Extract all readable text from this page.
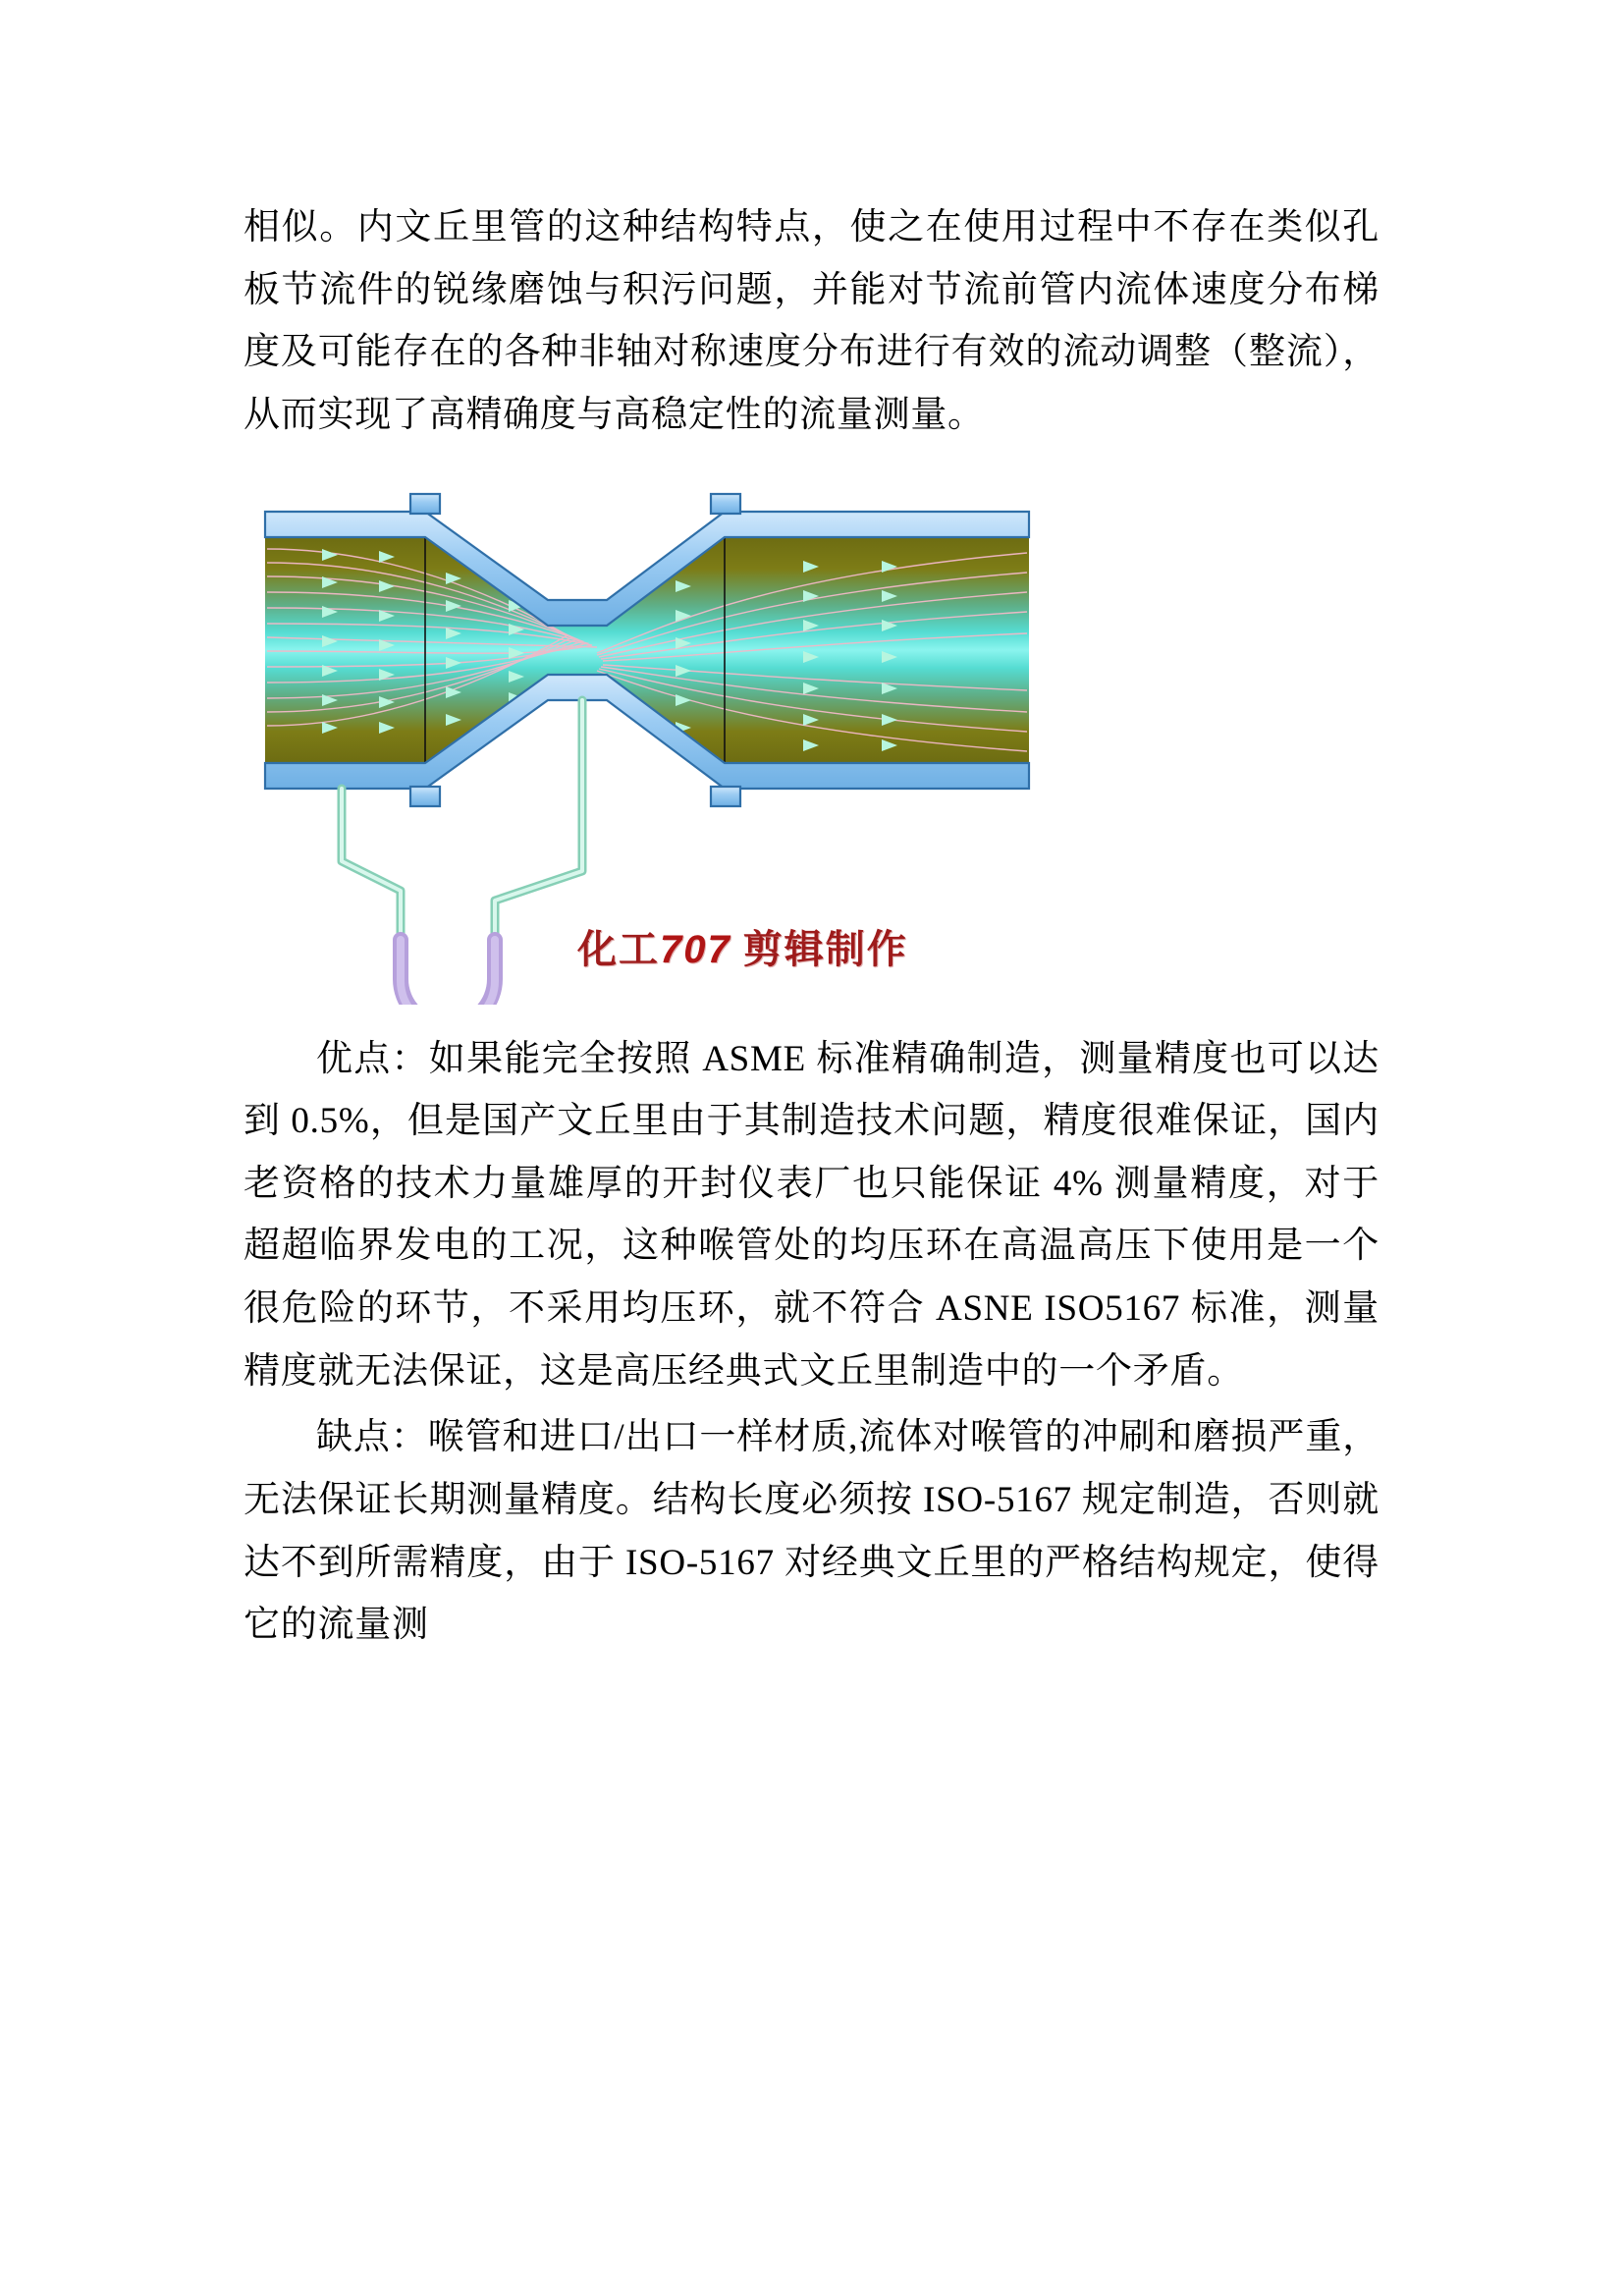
相似。内文丘里管的这种结构特点，使之在使用过程中不存在类似孔板节流件的锐缘磨蚀与积污问题，并能对节流前管内流体速度分布梯度及可能存在的各种非轴对称速度分布进行有效的流动调整（整流），从而实现了高精确度与高稳定性的流量测量。

化工707 剪辑制作

优点：如果能完全按照 ASME 标准精确制造，测量精度也可以达到 0.5%，但是国产文丘里由于其制造技术问题，精度很难保证，国内老资格的技术力量雄厚的开封仪表厂也只能保证 4% 测量精度，对于超超临界发电的工况，这种喉管处的均压环在高温高压下使用是一个很危险的环节，不采用均压环，就不符合 ASNE ISO5167 标准，测量精度就无法保证，这是高压经典式文丘里制造中的一个矛盾。

缺点：喉管和进口/出口一样材质,流体对喉管的冲刷和磨损严重，无法保证长期测量精度。结构长度必须按 ISO-5167 规定制造，否则就达不到所需精度，由于 ISO-5167 对经典文丘里的严格结构规定，使得它的流量测
